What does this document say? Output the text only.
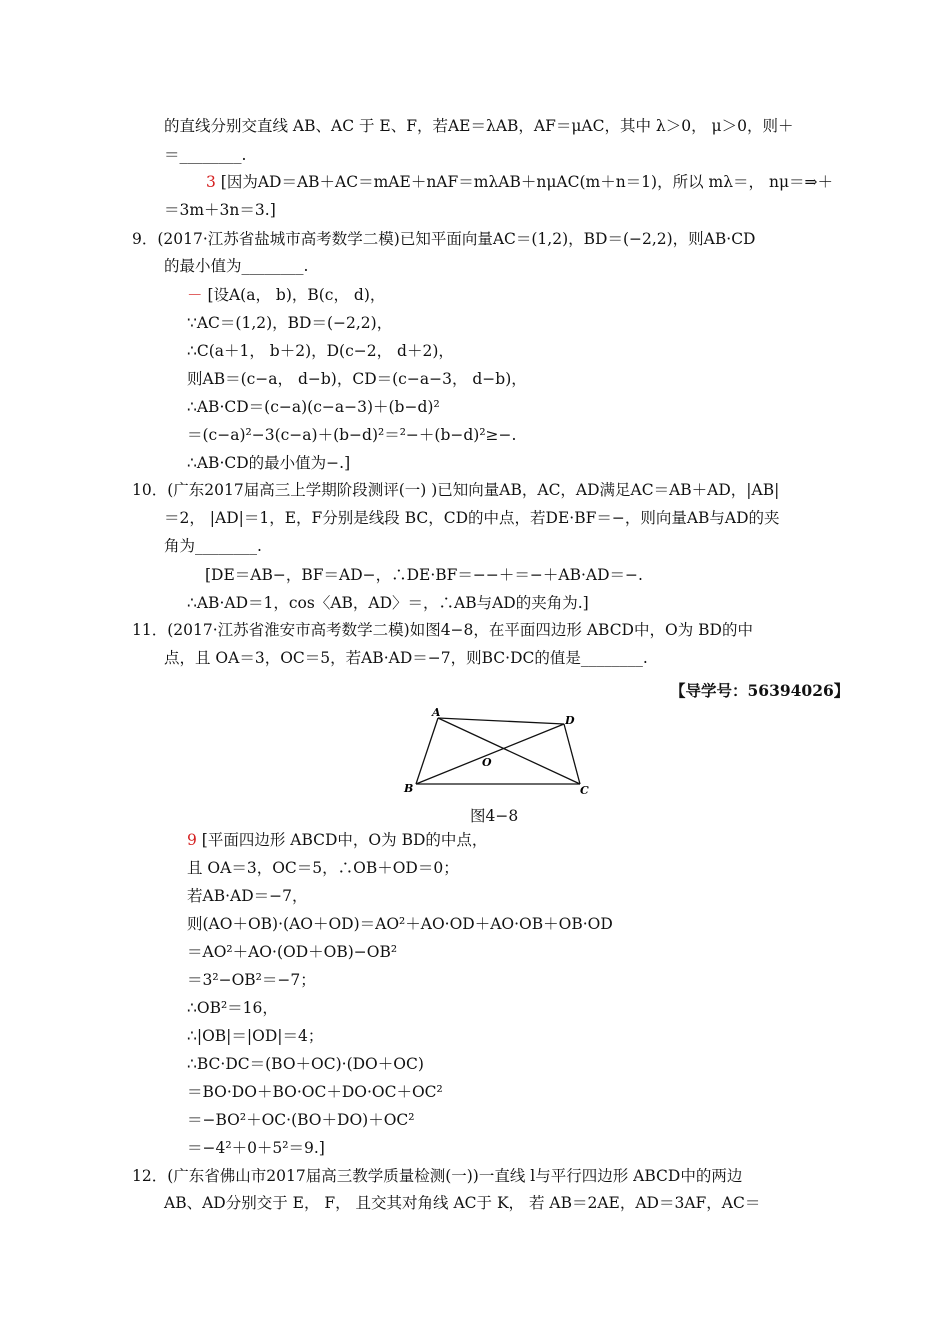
的直线分别交直线 AB、AC 于 E、F，若AE＝λAB，AF＝μAC，其中 λ＞0， μ＞0，则＋
＝________.
3 [因为AD＝AB＋AC＝mAE＋nAF＝mλAB＋nμAC(m＋n＝1)，所以 mλ＝， nμ＝⇒＋
＝3m＋3n＝3.]
9．(2017·江苏省盐城市高考数学二模)已知平面向量AC＝(1,2)，BD＝(−2,2)，则AB·CD
的最小值为________.
－ [设A(a， b)，B(c， d)，
∵AC＝(1,2)，BD＝(−2,2)，
∴C(a＋1， b＋2)，D(c−2， d＋2)，
则AB＝(c−a， d−b)，CD＝(c−a−3， d−b)，
∴AB·CD＝(c−a)(c−a−3)＋(b−d)²
＝(c−a)²−3(c−a)＋(b−d)²＝²−＋(b−d)²≥−.
∴AB·CD的最小值为−.]
10．(广东2017届高三上学期阶段测评(一) )已知向量AB，AC，AD满足AC＝AB＋AD，|AB|
＝2， |AD|＝1，E，F分别是线段 BC，CD的中点，若DE·BF＝−，则向量AB与AD的夹
角为________.
[DE＝AB−，BF＝AD−，∴DE·BF＝−−＋＝−＋AB·AD＝−.
∴AB·AD＝1，cos〈AB，AD〉＝，∴AB与AD的夹角为.]
11．(2017·江苏省淮安市高考数学二模)如图4−8，在平面四边形 ABCD中，O为 BD的中
点，且 OA＝3，OC＝5，若AB·AD＝−7，则BC·DC的值是________.
9 [平面四边形 ABCD中，O为 BD的中点，
且 OA＝3，OC＝5，∴OB＋OD＝0；
若AB·AD＝−7，
则(AO＋OB)·(AO＋OD)＝AO²＋AO·OD＋AO·OB＋OB·OD
＝AO²＋AO·(OD＋OB)−OB²
＝3²−OB²＝−7；
∴OB²＝16，
∴|OB|＝|OD|＝4；
∴BC·DC＝(BO＋OC)·(DO＋OC)
＝BO·DO＋BO·OC＋DO·OC＋OC²
＝−BO²＋OC·(BO＋DO)＋OC²
＝−4²＋0＋5²＝9.]
12．(广东省佛山市2017届高三教学质量检测(一))一直线 l与平行四边形 ABCD中的两边
AB、AD分别交于 E， F， 且交其对角线 AC于 K， 若 AB＝2AE，AD＝3AF，AC＝
【导学号：56394026】
A
D
O
B	C
图4−8
